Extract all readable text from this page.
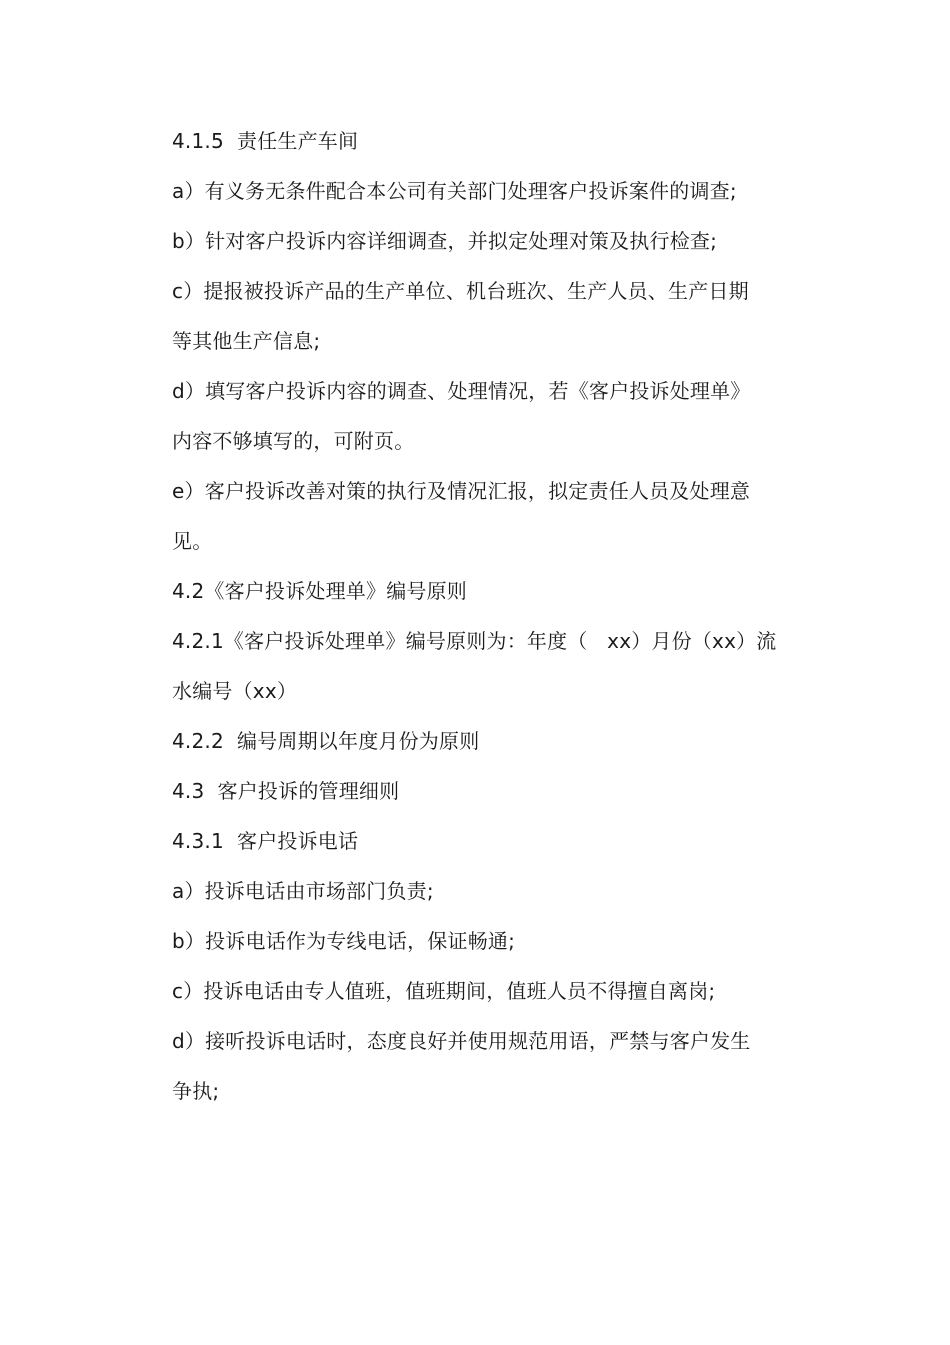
4.1.5  责任生产车间
a）有义务无条件配合本公司有关部门处理客户投诉案件的调查;
b）针对客户投诉内容详细调查，并拟定处理对策及执行检查;
c）提报被投诉产品的生产单位、机台班次、生产人员、生产日期
等其他生产信息;
d）填写客户投诉内容的调查、处理情况，若《客户投诉处理单》
内容不够填写的，可附页。
e）客户投诉改善对策的执行及情况汇报，拟定责任人员及处理意
见。
4.2《客户投诉处理单》编号原则
4.2.1《客户投诉处理单》编号原则为：年度（   xx）月份（xx）流
水编号（xx）
4.2.2  编号周期以年度月份为原则
4.3  客户投诉的管理细则
4.3.1  客户投诉电话
a）投诉电话由市场部门负责;
b）投诉电话作为专线电话，保证畅通;
c）投诉电话由专人值班，值班期间，值班人员不得擅自离岗;
d）接听投诉电话时，态度良好并使用规范用语，严禁与客户发生
争执;
